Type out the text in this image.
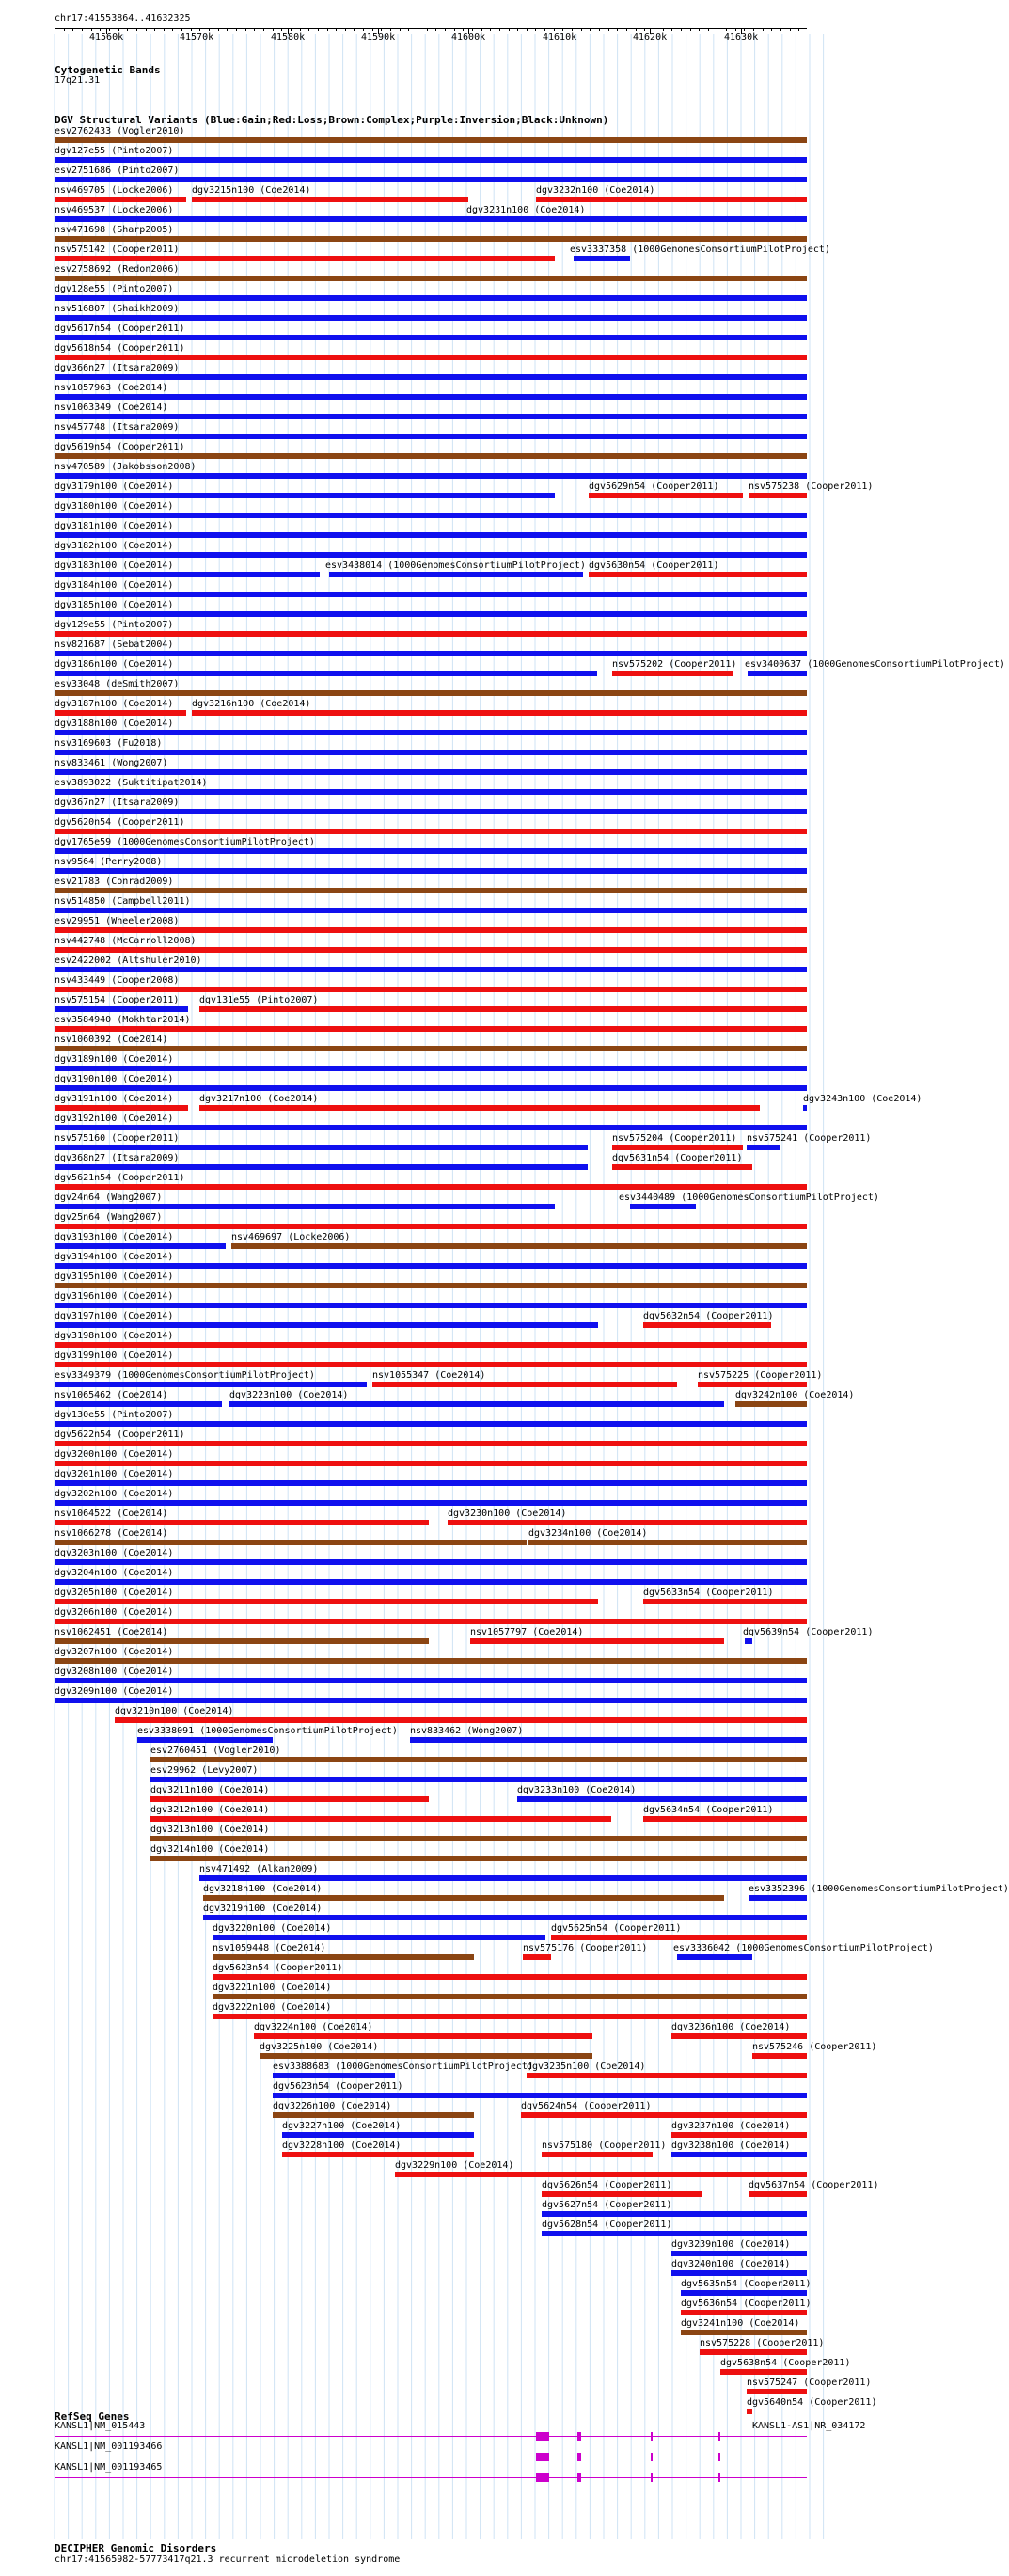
chr17:41553864..41632325
41560k	41570k	41580k	41590k	41600k	41610k	41620k	41630k
Cytogenetic Bands
17q21.31
DGV Structural Variants (Blue:Gain;Red:Loss;Brown:Complex;Purple:Inversion;Black:Unknown)
esv2762433 (Vogler2010)
dgv127e55 (Pinto2007)
esv2751686 (Pinto2007)
nsv469705 (Locke2006) dgv3215n100 (Coe2014)	dgv3232n100 (Coe2014)
nsv469537 (Locke2006)	dgv3231n100 (Coe2014)
nsv471698 (Sharp2005)
nsv575142 (Cooper2011)	esv3337358 (1000GenomesConsortiumPilotProject)
esv2758692 (Redon2006)
dgv128e55 (Pinto2007)
nsv516807 (Shaikh2009)
dgv5617n54 (Cooper2011)
dgv5618n54 (Cooper2011)
dgv366n27 (Itsara2009)
nsv1057963 (Coe2014)
nsv1063349 (Coe2014)
nsv457748 (Itsara2009)
dgv5619n54 (Cooper2011)
nsv470589 (Jakobsson2008)
dgv3179n100 (Coe2014)	dgv5629n54 (Cooper2011)	nsv575238 (Cooper2011)
dgv3180n100 (Coe2014)
dgv3181n100 (Coe2014)
dgv3182n100 (Coe2014)
dgv3183n100 (Coe2014)	esv3438014 (1000GenomesConsortiumPilotProject) dgv5630n54 (Cooper2011)
dgv3184n100 (Coe2014)
dgv3185n100 (Coe2014)
dgv129e55 (Pinto2007)
nsv821687 (Sebat2004)
dgv3186n100 (Coe2014)	nsv575202 (Cooper2011) esv3400637 (1000GenomesConsortiumPilotProject)
esv33048 (deSmith2007)
dgv3187n100 (Coe2014) dgv3216n100 (Coe2014)
dgv3188n100 (Coe2014)
nsv3169603 (Fu2018)
nsv833461 (Wong2007)
esv3893022 (Suktitipat2014)
dgv367n27 (Itsara2009)
dgv5620n54 (Cooper2011)
dgv1765e59 (1000GenomesConsortiumPilotProject)
nsv9564 (Perry2008)
esv21783 (Conrad2009)
nsv514850 (Campbell2011)
esv29951 (Wheeler2008)
nsv442748 (McCarroll2008)
esv2422002 (Altshuler2010)
nsv433449 (Cooper2008)
nsv575154 (Cooper2011) dgv131e55 (Pinto2007)
esv3584940 (Mokhtar2014)
nsv1060392 (Coe2014)
dgv3189n100 (Coe2014)
dgv3190n100 (Coe2014)
dgv3191n100 (Coe2014)	dgv3217n100 (Coe2014)	dgv3243n100 (Coe2014)
dgv3192n100 (Coe2014)
nsv575160 (Cooper2011)	nsv575204 (Cooper2011) nsv575241 (Cooper2011)
dgv368n27 (Itsara2009)	dgv5631n54 (Cooper2011)
dgv5621n54 (Cooper2011)
dgv24n64 (Wang2007)	esv3440489 (1000GenomesConsortiumPilotProject)
dgv25n64 (Wang2007)
dgv3193n100 (Coe2014)	nsv469697 (Locke2006)
dgv3194n100 (Coe2014)
dgv3195n100 (Coe2014)
dgv3196n100 (Coe2014)
dgv3197n100 (Coe2014)	dgv5632n54 (Cooper2011)
dgv3198n100 (Coe2014)
dgv3199n100 (Coe2014)
esv3349379 (1000GenomesConsortiumPilotProject)	nsv1055347 (Coe2014)	nsv575225 (Cooper2011)
nsv1065462 (Coe2014)	dgv3223n100 (Coe2014)	dgv3242n100 (Coe2014)
dgv130e55 (Pinto2007)
dgv5622n54 (Cooper2011)
dgv3200n100 (Coe2014)
dgv3201n100 (Coe2014)
dgv3202n100 (Coe2014)
nsv1064522 (Coe2014)	dgv3230n100 (Coe2014)
nsv1066278 (Coe2014)	dgv3234n100 (Coe2014)
dgv3203n100 (Coe2014)
dgv3204n100 (Coe2014)
dgv3205n100 (Coe2014)	dgv5633n54 (Cooper2011)
dgv3206n100 (Coe2014)
nsv1062451 (Coe2014)	nsv1057797 (Coe2014)	dgv5639n54 (Cooper2011)
dgv3207n100 (Coe2014)
dgv3208n100 (Coe2014)
dgv3209n100 (Coe2014)
dgv3210n100 (Coe2014)
esv3338091 (1000GenomesConsortiumPilotProject) nsv833462 (Wong2007)
esv2760451 (Vogler2010)
esv29962 (Levy2007)
dgv3211n100 (Coe2014)	dgv3233n100 (Coe2014)
dgv3212n100 (Coe2014)	dgv5634n54 (Cooper2011)
dgv3213n100 (Coe2014)
dgv3214n100 (Coe2014)
nsv471492 (Alkan2009)
dgv3218n100 (Coe2014)	esv3352396 (1000GenomesConsortiumPilotProject)
dgv3219n100 (Coe2014)
dgv3220n100 (Coe2014)	dgv5625n54 (Cooper2011)
nsv1059448 (Coe2014)	nsv575176 (Cooper2011)	esv3336042 (1000GenomesConsortiumPilotProject)
dgv5623n54 (Cooper2011)
dgv3221n100 (Coe2014)
dgv3222n100 (Coe2014)
dgv3224n100 (Coe2014)	dgv3236n100 (Coe2014)
dgv3225n100 (Coe2014)	nsv575246 (Cooper2011)
esv3388683 (1000GenomesConsortiumPilotProject)
dgv3235n100 (Coe2014)
dgv5623n54 (Cooper2011)
dgv3226n100 (Coe2014)	dgv5624n54 (Cooper2011)
dgv3227n100 (Coe2014)	dgv3237n100 (Coe2014)
dgv3228n100 (Coe2014)	nsv575180 (Cooper2011) dgv3238n100 (Coe2014)
dgv3229n100 (Coe2014)
dgv5626n54 (Cooper2011)	dgv5637n54 (Cooper2011)
dgv5627n54 (Cooper2011)
dgv5628n54 (Cooper2011)
dgv3239n100 (Coe2014)
dgv3240n100 (Coe2014)
dgv5635n54 (Cooper2011)
dgv5636n54 (Cooper2011)
dgv3241n100 (Coe2014)
nsv575228 (Cooper2011)
dgv5638n54 (Cooper2011)
nsv575247 (Cooper2011)
dgv5640n54 (Cooper2011)
RefSeq Genes
KANSL1|NM_015443
KANSL1|NM_001193466
KANSL1|NM_001193465
KANSL1-AS1|NR_034172
DECIPHER Genomic Disorders
chr17:41565982-57773417q21.3 recurrent microdeletion syndrome
